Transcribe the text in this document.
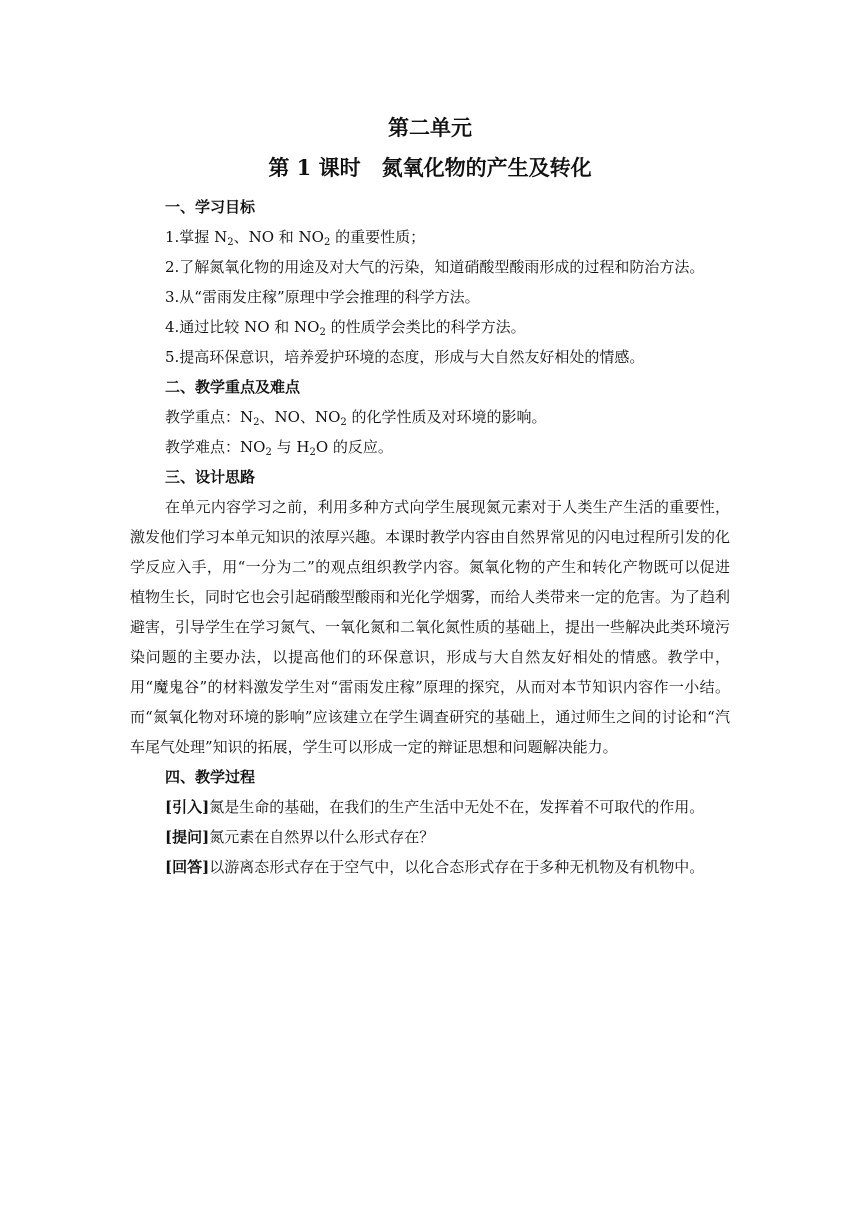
第二单元
第 1 课时　氮氧化物的产生及转化
一、学习目标

1.掌握 $N_2$、NO 和 $NO_2$ 的重要性质；

2.了解氮氧化物的用途及对大气的污染，知道硝酸型酸雨形成的过程和防治方法。

3.从“雷雨发庄稼”原理中学会推理的科学方法。

4.通过比较 NO 和 $NO_2$ 的性质学会类比的科学方法。

5.提高环保意识，培养爱护环境的态度，形成与大自然友好相处的情感。

二、教学重点及难点

教学重点：$N_2$、NO、$NO_2$ 的化学性质及对环境的影响。

教学难点：$NO_2$ 与 $H_2O$ 的反应。

三、设计思路

在单元内容学习之前，利用多种方式向学生展现氮元素对于人类生产生活的重要性，激发他们学习本单元知识的浓厚兴趣。本课时教学内容由自然界常见的闪电过程所引发的化学反应入手，用“一分为二”的观点组织教学内容。氮氧化物的产生和转化产物既可以促进植物生长，同时它也会引起硝酸型酸雨和光化学烟雾，而给人类带来一定的危害。为了趋利避害，引导学生在学习氮气、一氧化氮和二氧化氮性质的基础上，提出一些解决此类环境污染问题的主要办法，以提高他们的环保意识，形成与大自然友好相处的情感。教学中，用“魔鬼谷”的材料激发学生对“雷雨发庄稼”原理的探究，从而对本节知识内容作一小结。而“氮氧化物对环境的影响”应该建立在学生调查研究的基础上，通过师生之间的讨论和“汽车尾气处理”知识的拓展，学生可以形成一定的辩证思想和问题解决能力。

四、教学过程

[引入]氮是生命的基础，在我们的生产生活中无处不在，发挥着不可取代的作用。

[提问]氮元素在自然界以什么形式存在？

[回答]以游离态形式存在于空气中，以化合态形式存在于多种无机物及有机物中。
